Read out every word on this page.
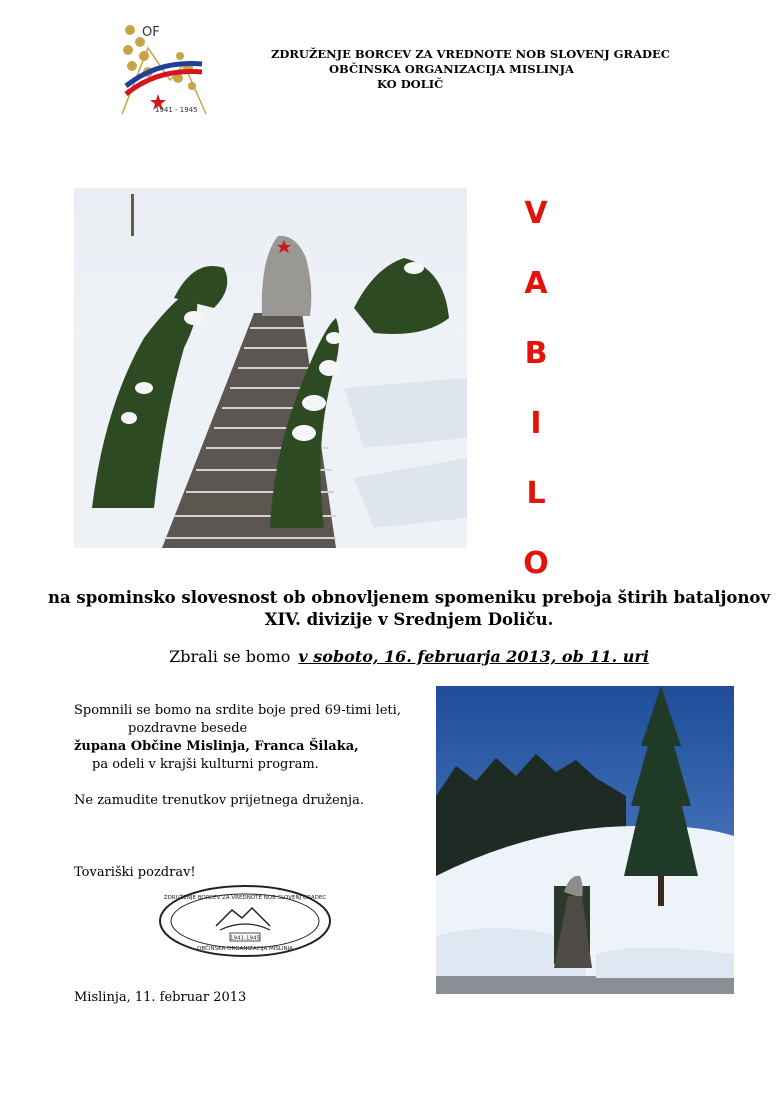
OF
1941 - 1945
ZDRUŽENJE BORCEV ZA VREDNOTE NOB SLOVENJ GRADEC
OBČINSKA ORGANIZACIJA MISLINJA
KO DOLIČ
V
A
B
I
L
O
na spominsko slovesnost ob obnovljenem spomeniku preboja štirih bataljonov
XIV. divizije v Srednjem Doliču.
Zbrali se bomo v soboto, 16. februarja 2013, ob 11. uri
Spomnili se bomo na srdite boje pred 69-timi leti,
pozdravne besede
župana Občine Mislinja, Franca Šilaka,
pa odeli v krajši kulturni program.
Ne zamudite trenutkov prijetnega druženja.
Tovariški pozdrav!
ZDRUŽENJE BORCEV ZA VREDNOTE NOB SLOVENJ GRADEC
1941-1945
OBČINSKA ORGANIZACIJA MISLINJA
Mislinja, 11. februar 2013
